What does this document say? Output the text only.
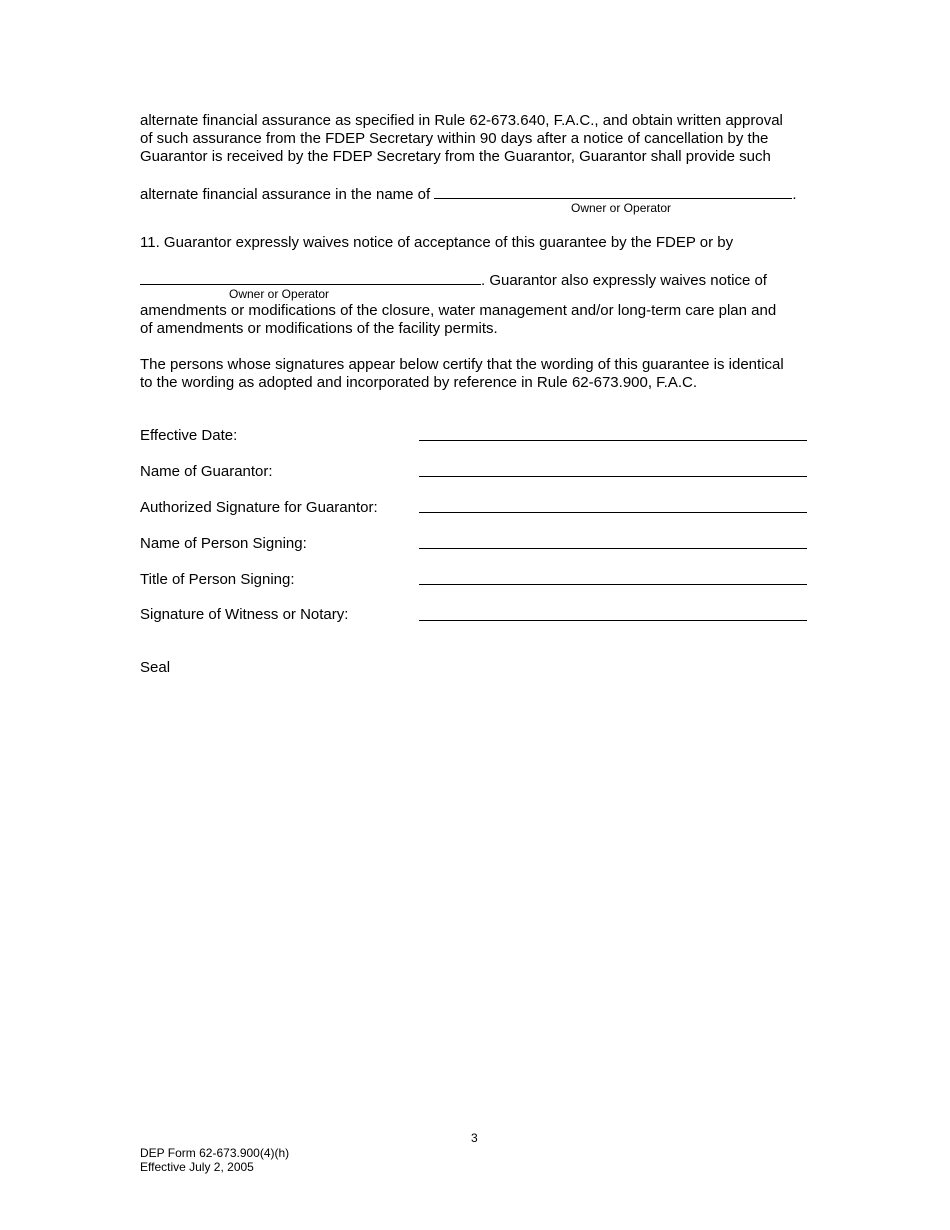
alternate financial assurance as specified in Rule 62-673.640, F.A.C., and obtain written approval
of such assurance from the FDEP Secretary within 90 days after a notice of cancellation by the
Guarantor is received by the FDEP Secretary from the Guarantor, Guarantor shall provide such
alternate financial assurance in the name of	.
Owner or Operator
11. Guarantor expressly waives notice of acceptance of this guarantee by the FDEP or by
. Guarantor also expressly waives notice of
Owner or Operator
amendments or modifications of the closure, water management and/or long-term care plan and
of amendments or modifications of the facility permits.
The persons whose signatures appear below certify that the wording of this guarantee is identical
to the wording as adopted and incorporated by reference in Rule 62-673.900, F.A.C.
Effective Date:
Name of Guarantor:
Authorized Signature for Guarantor:
Name of Person Signing:
Title of Person Signing:
Signature of Witness or Notary:
Seal
3
DEP Form 62-673.900(4)(h)
Effective July 2, 2005
